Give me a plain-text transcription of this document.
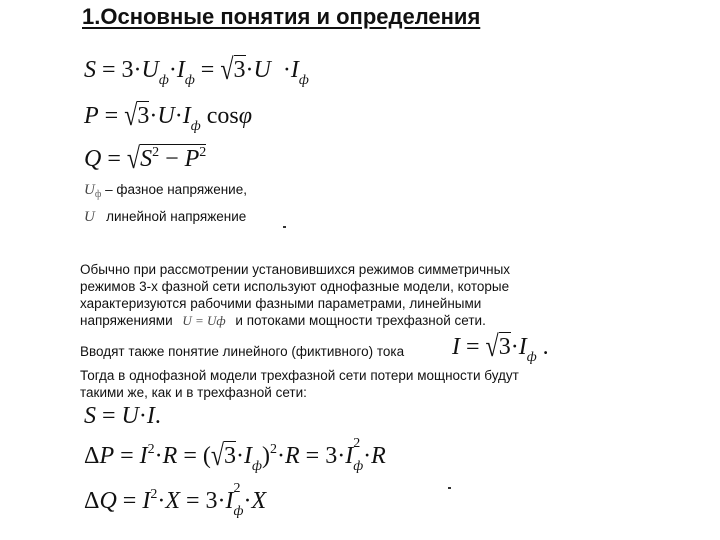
1.Основные понятия и определения
$S = 3\cdot U_ф\cdot I_ф = √3\cdot U \cdot I_ф$
$P = √3\cdot U\cdot I_ф$ cosφ
$Q = √S^2 - P^2$
$U_ф$ – фазное напряжение,
U линейной напряжение
Обычно при рассмотрении установившихся режимов симметричных
режимов 3-х фазной сети используют однофазные модели, которые
характеризуются рабочими фазными параметрами, линейными
напряжениями U = Uф и потоками мощности трехфазной сети.
Вводят также понятие линейного (фиктивного) тока	$I = √3\cdot I_ф$ .
Тогда в однофазной модели трехфазной сети потери мощности будут
такими же, как и в трехфазной сети:
S = U·I.
$\Delta P = I^2\cdot R = (√3\cdot I_ф)^2\cdot R = 3\cdot I$ $_{2 ф}$·R
$\Delta Q = I^2\cdot X = 3\cdot I$ $_{2 ф}$·X
